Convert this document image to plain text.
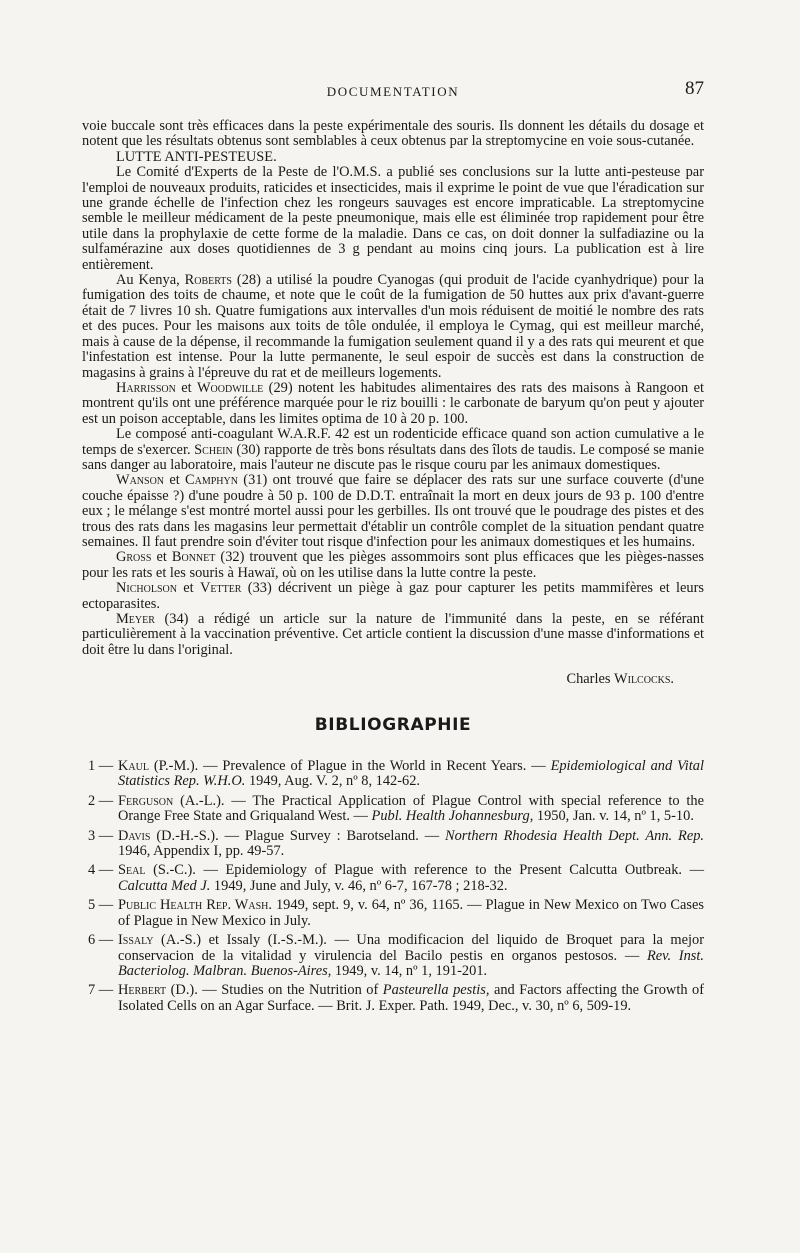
DOCUMENTATION	87

voie buccale sont très efficaces dans la peste expérimentale des souris. Ils donnent les détails du dosage et notent que les résultats obtenus sont semblables à ceux obtenus par la streptomycine en voie sous-cutanée.

LUTTE ANTI-PESTEUSE.

Le Comité d'Experts de la Peste de l'O.M.S. a publié ses conclusions sur la lutte anti-pesteuse par l'emploi de nouveaux produits, raticides et insecticides, mais il exprime le point de vue que l'éradication sur une grande échelle de l'infection chez les rongeurs sauvages est encore impraticable. La streptomycine semble le meilleur médicament de la peste pneumonique, mais elle est éliminée trop rapidement pour être utile dans la prophylaxie de cette forme de la maladie. Dans ce cas, on doit donner la sulfadiazine ou la sulfamérazine aux doses quotidiennes de 3 g pendant au moins cinq jours. La publication est à lire entièrement.

Au Kenya, Roberts (28) a utilisé la poudre Cyanogas (qui produit de l'acide cyanhydrique) pour la fumigation des toits de chaume, et note que le coût de la fumigation de 50 huttes aux prix d'avant-guerre était de 7 livres 10 sh. Quatre fumigations aux intervalles d'un mois réduisent de moitié le nombre des rats et des puces. Pour les maisons aux toits de tôle ondulée, il employa le Cymag, qui est meilleur marché, mais à cause de la dépense, il recommande la fumigation seulement quand il y a des rats qui meurent et que l'infestation est intense. Pour la lutte permanente, le seul espoir de succès est dans la construction de magasins à grains à l'épreuve du rat et de meilleurs logements.

Harrisson et Woodwille (29) notent les habitudes alimentaires des rats des maisons à Rangoon et montrent qu'ils ont une préférence marquée pour le riz bouilli : le carbonate de baryum qu'on peut y ajouter est un poison acceptable, dans les limites optima de 10 à 20 p. 100.

Le composé anti-coagulant W.A.R.F. 42 est un rodenticide efficace quand son action cumulative a le temps de s'exercer. Schein (30) rapporte de très bons résultats dans des îlots de taudis. Le composé se manie sans danger au laboratoire, mais l'auteur ne discute pas le risque couru par les animaux domestiques.

Wanson et Camphyn (31) ont trouvé que faire se déplacer des rats sur une surface couverte (d'une couche épaisse ?) d'une poudre à 50 p. 100 de D.D.T. entraînait la mort en deux jours de 93 p. 100 d'entre eux ; le mélange s'est montré mortel aussi pour les gerbilles. Ils ont trouvé que le poudrage des pistes et des trous des rats dans les magasins leur permettait d'établir un contrôle complet de la situation pendant quatre semaines. Il faut prendre soin d'éviter tout risque d'infection pour les animaux domestiques et les humains.

Gross et Bonnet (32) trouvent que les pièges assommoirs sont plus efficaces que les pièges-nasses pour les rats et les souris à Hawaï, où on les utilise dans la lutte contre la peste.

Nicholson et Vetter (33) décrivent un piège à gaz pour capturer les petits mammifères et leurs ectoparasites.

Meyer (34) a rédigé un article sur la nature de l'immunité dans la peste, en se référant particulièrement à la vaccination préventive. Cet article contient la discussion d'une masse d'informations et doit être lu dans l'original.

Charles Wilcocks.
BIBLIOGRAPHIE
1 — Kaul (P.-M.). — Prevalence of Plague in the World in Recent Years. — Epidemiological and Vital Statistics Rep. W.H.O. 1949, Aug. V. 2, nº 8, 142-62.
2 — Ferguson (A.-L.). — The Practical Application of Plague Control with special reference to the Orange Free State and Griqualand West. — Publ. Health Johannesburg, 1950, Jan. v. 14, nº 1, 5-10.
3 — Davis (D.-H.-S.). — Plague Survey : Barotseland. — Northern Rhodesia Health Dept. Ann. Rep. 1946, Appendix I, pp. 49-57.
4 — Seal (S.-C.). — Epidemiology of Plague with reference to the Present Calcutta Outbreak. — Calcutta Med J. 1949, June and July, v. 46, nº 6-7, 167-78 ; 218-32.
5 — Public Health Rep. Wash. 1949, sept. 9, v. 64, nº 36, 1165. — Plague in New Mexico on Two Cases of Plague in New Mexico in July.
6 — Issaly (A.-S.) et Issaly (I.-S.-M.). — Una modificacion del liquido de Broquet para la mejor conservacion de la vitalidad y virulencia del Bacilo pestis en organos pestosos. — Rev. Inst. Bacteriolog. Malbran. Buenos-Aires, 1949, v. 14, nº 1, 191-201.
7 — Herbert (D.). — Studies on the Nutrition of Pasteurella pestis, and Factors affecting the Growth of Isolated Cells on an Agar Surface. — Brit. J. Exper. Path. 1949, Dec., v. 30, nº 6, 509-19.
